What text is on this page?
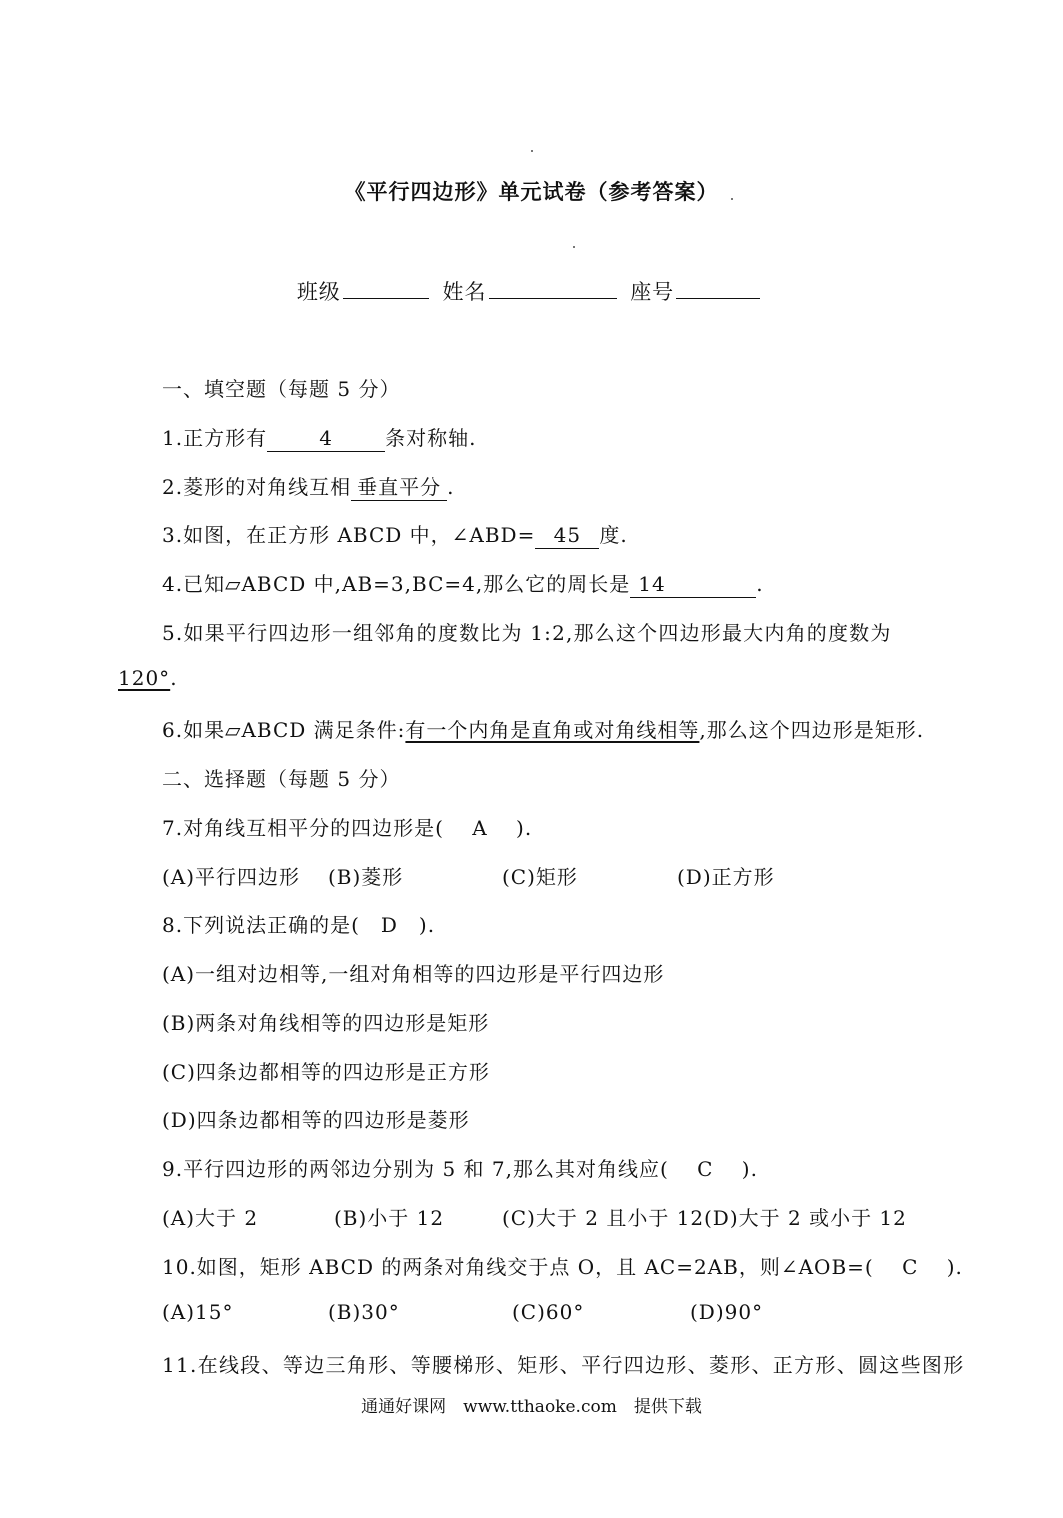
《平行四边形》单元试卷（参考答案）
班级	姓名	座号
一、填空题（每题 5 分）
1.正方形有	4	条对称轴.
2.菱形的对角线互相 垂直平分 .
3.如图，在正方形 ABCD 中，∠ABD= 45 度.
4.已知▱ABCD 中,AB=3,BC=4,那么它的周长是 14	.
5.如果平行四边形一组邻角的度数比为 1:2,那么这个四边形最大内角的度数为
120°.
6.如果▱ABCD 满足条件:有一个内角是直角或对角线相等,那么这个四边形是矩形.
二、选择题（每题 5 分）
7.对角线互相平分的四边形是(　 A　 ).
(A)平行四边形 (B)菱形	(C)矩形	(D)正方形
8.下列说法正确的是(　D　).
(A)一组对边相等,一组对角相等的四边形是平行四边形
(B)两条对角线相等的四边形是矩形
(C)四条边都相等的四边形是正方形
(D)四条边都相等的四边形是菱形
9.平行四边形的两邻边分别为 5 和 7,那么其对角线应(　 C　 ).
(A)大于 2	(B)小于 12	(C)大于 2 且小于 12 (D)大于 2 或小于 12
10.如图，矩形 ABCD 的两条对角线交于点 O，且 AC=2AB，则∠AOB=(　 C　 ).
(A)15°	(B)30°	(C)60°	(D)90°
11.在线段、等边三角形、等腰梯形、矩形、平行四边形、菱形、正方形、圆这些图形
通通好课网　www.tthaoke.com　提供下载
